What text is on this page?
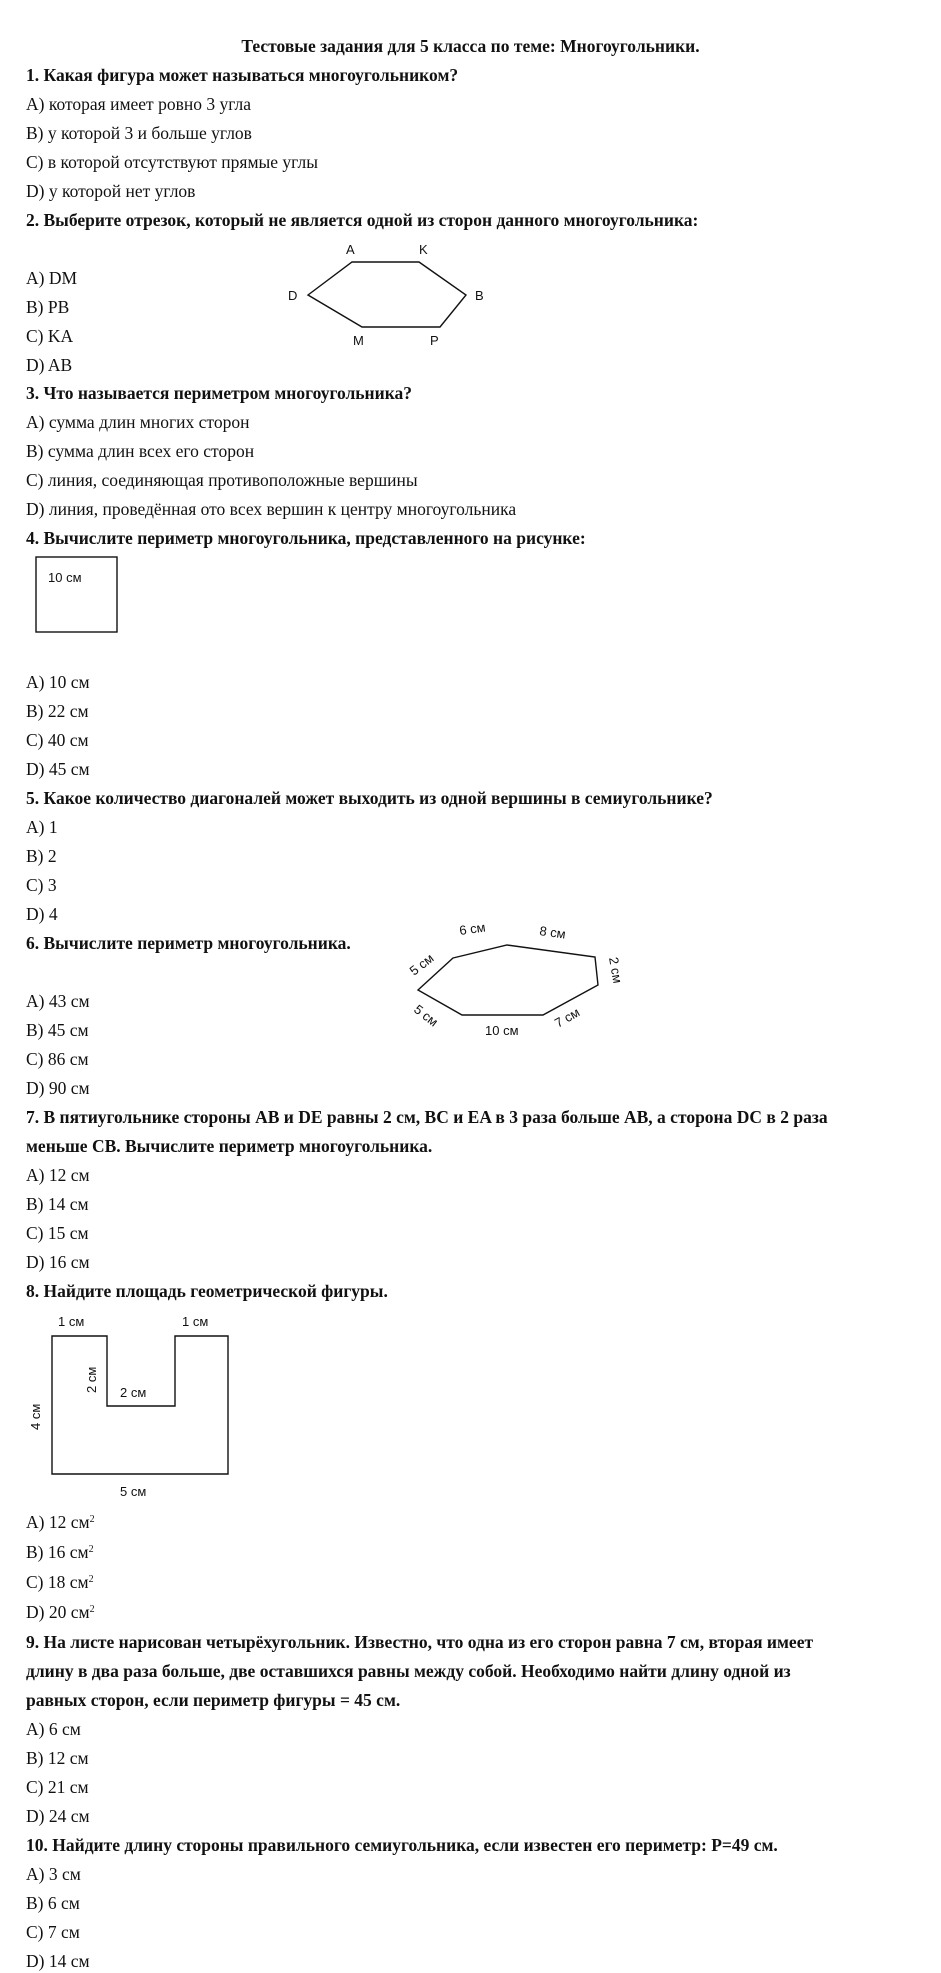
Тестовые задания для 5 класса по теме: Многоугольники.
1. Какая фигура может называться многоугольником?
A) которая имеет ровно 3 угла
B) у которой 3 и больше углов
C) в которой отсутствуют прямые углы
D) у которой нет углов
2. Выберите отрезок, который не является одной из сторон данного многоугольника:
A) DM
B) PB
C) KA
D) AB
A	K
D	B
M	P
3. Что называется периметром многоугольника?
A) сумма длин многих сторон
B) сумма длин всех его сторон
C) линия, соединяющая противоположные вершины
D) линия, проведённая ото всех вершин к центру многоугольника
4. Вычислите периметр многоугольника, представленного на рисунке:
10 см
A) 10 см
B) 22 см
C) 40 см
D) 45 см
5. Какое количество диагоналей может выходить из одной вершины в семиугольнике?
A) 1
B) 2
C) 3
D) 4
6. Вычислите периметр многоугольника.
A) 43 см
B) 45 см
C) 86 см
D) 90 см
5 см
6 см	8 см
2 см
7 см
10 см
5 см
7. В пятиугольнике стороны AB и DE равны 2 см, BC и EA в 3 раза больше AB, а сторона DC в 2 раза
меньше CB. Вычислите периметр многоугольника.
A) 12 см
B) 14 см
C) 15 см
D) 16 см
8. Найдите площадь геометрической фигуры.
1 см	1 см
4 см
2 см 2 см
5 см
A) 12 $см^2$
B) 16 $см^2$
C) 18 $см^2$
D) 20 $см^2$
9. На листе нарисован четырёхугольник. Известно, что одна из его сторон равна 7 см, вторая имеет
длину в два раза больше, две оставшихся равны между собой. Необходимо найти длину одной из
равных сторон, если периметр фигуры = 45 см.
A) 6 см
B) 12 см
C) 21 см
D) 24 см
10. Найдите длину стороны правильного семиугольника, если известен его периметр: P=49 см.
A) 3 см
B) 6 см
C) 7 см
D) 14 см
